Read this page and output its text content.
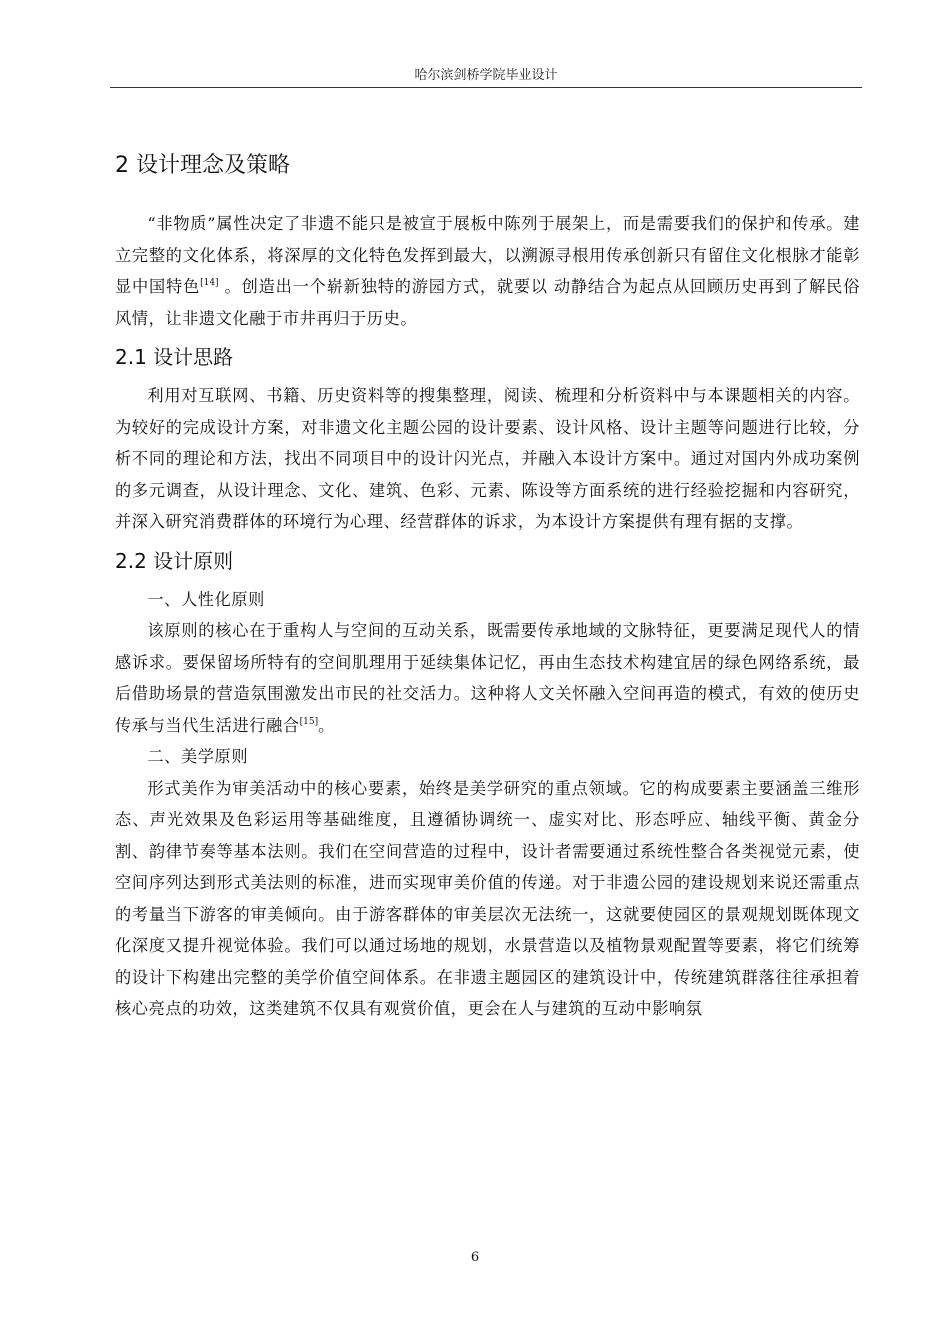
哈尔滨剑桥学院毕业设计
2 设计理念及策略

“非物质”属性决定了非遗不能只是被宣于展板中陈列于展架上，而是需要我们的保护和传承。建立完整的文化体系，将深厚的文化特色发挥到最大，以溯源寻根用传承创新只有留住文化根脉才能彰显中国特色[14] 。创造出一个崭新独特的游园方式，就要以 动静结合为起点从回顾历史再到了解民俗风情，让非遗文化融于市井再归于历史。

2.1 设计思路

利用对互联网、书籍、历史资料等的搜集整理，阅读、梳理和分析资料中与本课题相关的内容。为较好的完成设计方案，对非遗文化主题公园的设计要素、设计风格、设计主题等问题进行比较，分析不同的理论和方法，找出不同项目中的设计闪光点，并融入本设计方案中。通过对国内外成功案例的多元调查，从设计理念、文化、建筑、色彩、元素、陈设等方面系统的进行经验挖掘和内容研究，并深入研究消费群体的环境行为心理、经营群体的诉求，为本设计方案提供有理有据的支撑。

2.2 设计原则

一、人性化原则

该原则的核心在于重构人与空间的互动关系，既需要传承地域的文脉特征，更要满足现代人的情感诉求。要保留场所特有的空间肌理用于延续集体记忆，再由生态技术构建宜居的绿色网络系统，最后借助场景的营造氛围激发出市民的社交活力。这种将人文关怀融入空间再造的模式，有效的使历史传承与当代生活进行融合[15]。

二、美学原则

形式美作为审美活动中的核心要素，始终是美学研究的重点领域。它的构成要素主要涵盖三维形态、声光效果及色彩运用等基础维度，且遵循协调统一、虚实对比、形态呼应、轴线平衡、黄金分割、韵律节奏等基本法则。我们在空间营造的过程中，设计者需要通过系统性整合各类视觉元素，使空间序列达到形式美法则的标准，进而实现审美价值的传递。对于非遗公园的建设规划来说还需重点的考量当下游客的审美倾向。由于游客群体的审美层次无法统一，这就要使园区的景观规划既体现文化深度又提升视觉体验。我们可以通过场地的规划，水景营造以及植物景观配置等要素，将它们统筹的设计下构建出完整的美学价值空间体系。在非遗主题园区的建筑设计中，传统建筑群落往往承担着核心亮点的功效，这类建筑不仅具有观赏价值，更会在人与建筑的互动中影响氛

6
